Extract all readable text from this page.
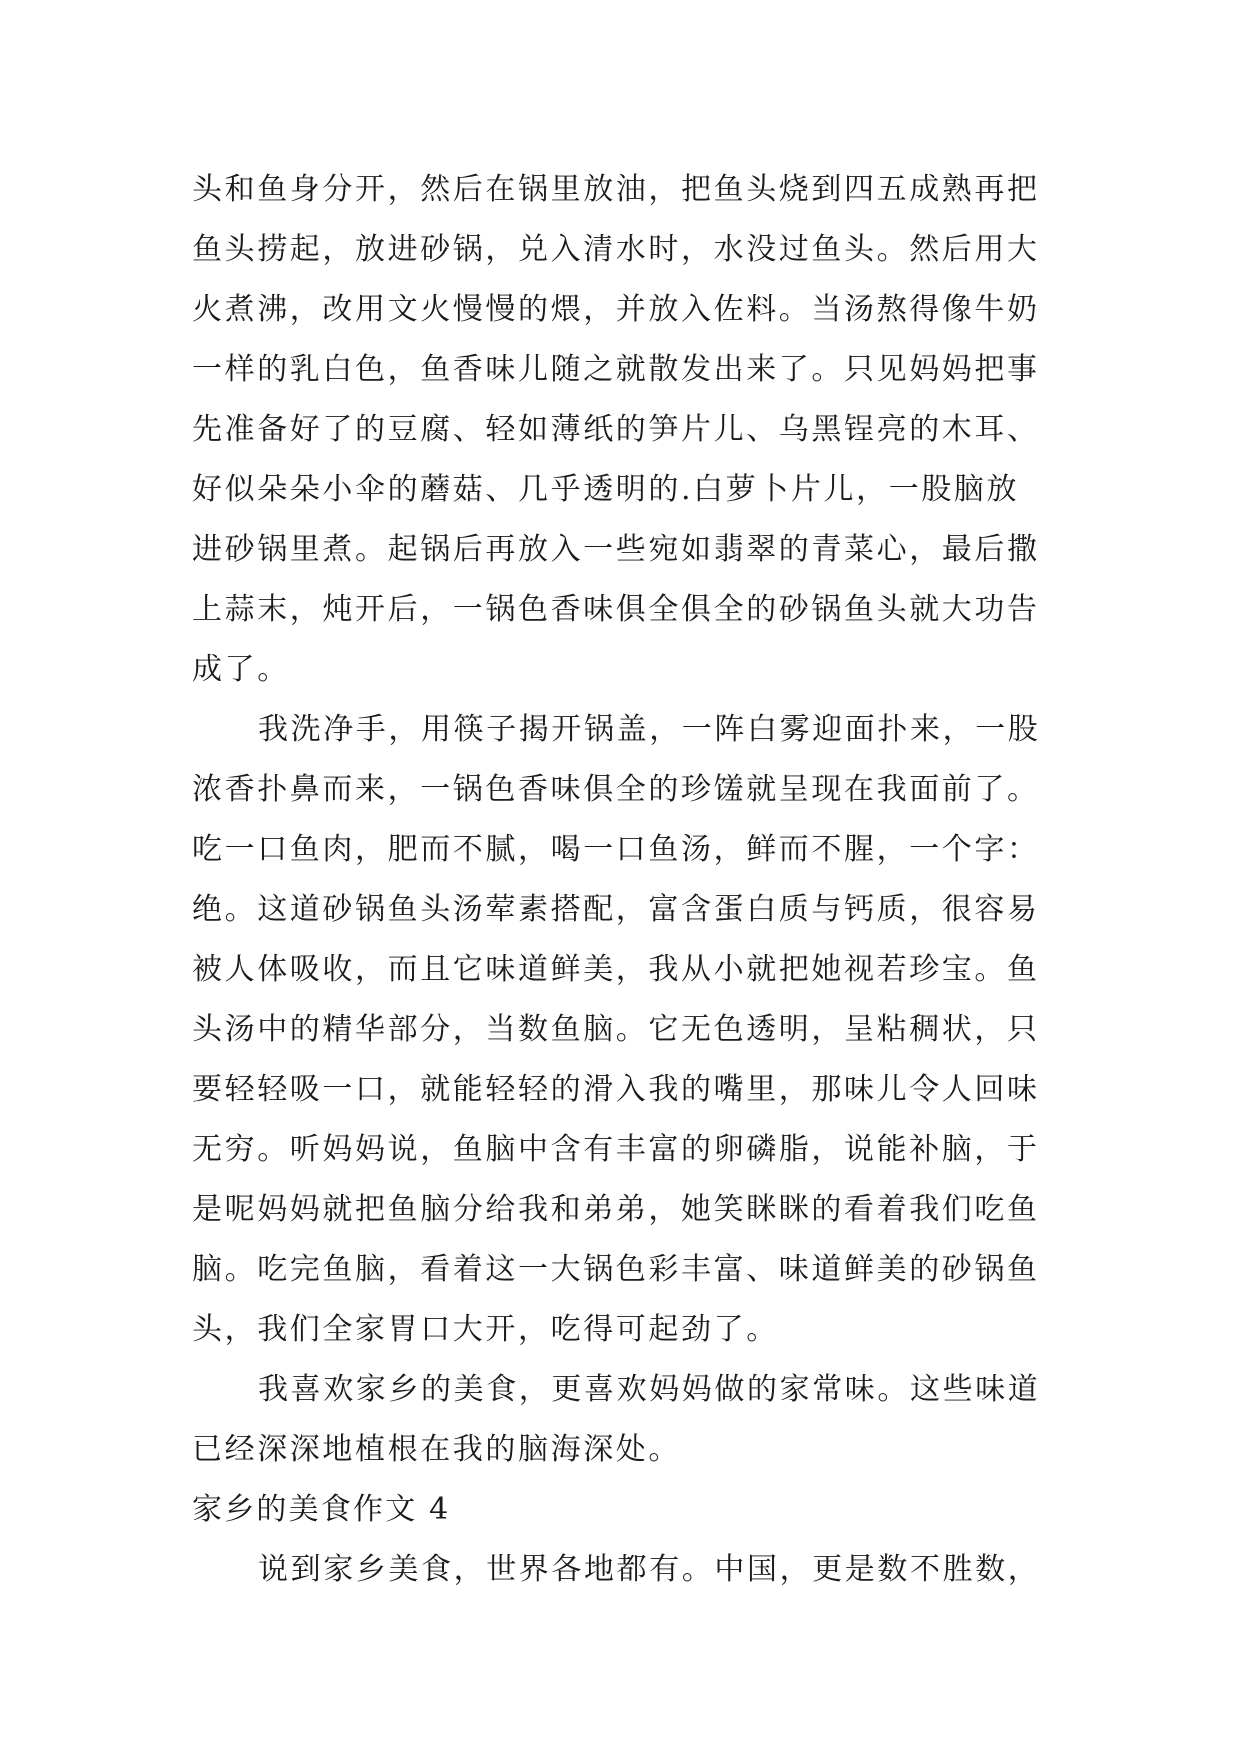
头和鱼身分开，然后在锅里放油，把鱼头烧到四五成熟再把
鱼头捞起，放进砂锅，兑入清水时，水没过鱼头。然后用大
火煮沸，改用文火慢慢的煨，并放入佐料。当汤熬得像牛奶
一样的乳白色，鱼香味儿随之就散发出来了。只见妈妈把事
先准备好了的豆腐、轻如薄纸的笋片儿、乌黑锃亮的木耳、
好似朵朵小伞的蘑菇、几乎透明的.白萝卜片儿，一股脑放
进砂锅里煮。起锅后再放入一些宛如翡翠的青菜心，最后撒
上蒜末，炖开后，一锅色香味俱全俱全的砂锅鱼头就大功告
成了。
我洗净手，用筷子揭开锅盖，一阵白雾迎面扑来，一股
浓香扑鼻而来，一锅色香味俱全的珍馐就呈现在我面前了。
吃一口鱼肉，肥而不腻，喝一口鱼汤，鲜而不腥，一个字：
绝。这道砂锅鱼头汤荤素搭配，富含蛋白质与钙质，很容易
被人体吸收，而且它味道鲜美，我从小就把她视若珍宝。鱼
头汤中的精华部分，当数鱼脑。它无色透明，呈粘稠状，只
要轻轻吸一口，就能轻轻的滑入我的嘴里，那味儿令人回味
无穷。听妈妈说，鱼脑中含有丰富的卵磷脂，说能补脑，于
是呢妈妈就把鱼脑分给我和弟弟，她笑眯眯的看着我们吃鱼
脑。吃完鱼脑，看着这一大锅色彩丰富、味道鲜美的砂锅鱼
头，我们全家胃口大开，吃得可起劲了。
我喜欢家乡的美食，更喜欢妈妈做的家常味。这些味道
已经深深地植根在我的脑海深处。
家乡的美食作文 4
说到家乡美食，世界各地都有。中国，更是数不胜数，
